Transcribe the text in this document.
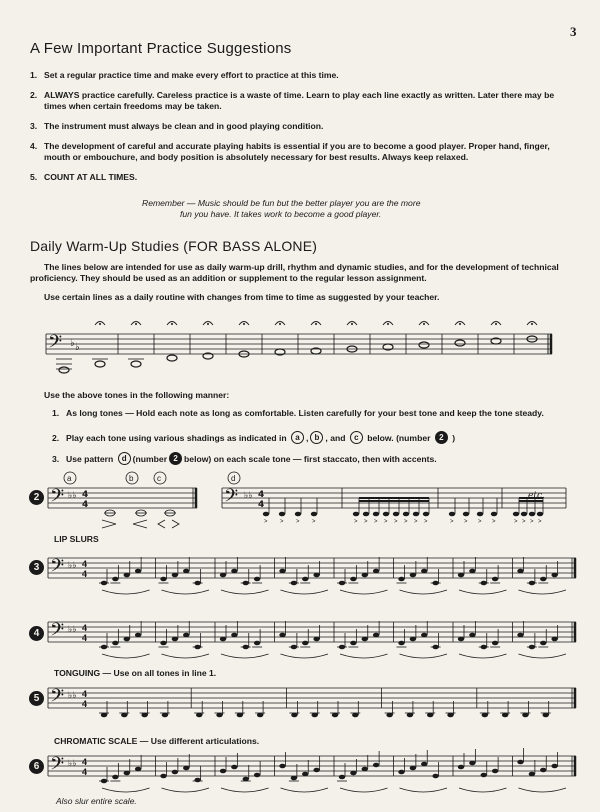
3
A Few Important Practice Suggestions
1. Set a regular practice time and make every effort to practice at this time.
2. ALWAYS practice carefully. Careless practice is a waste of time. Learn to play each line exactly as written. Later there may be times when certain freedoms may be taken.
3. The instrument must always be clean and in good playing condition.
4. The development of careful and accurate playing habits is essential if you are to become a good player. Proper hand, finger, mouth or embouchure, and body position is absolutely necessary for best results. Always keep relaxed.
5. COUNT AT ALL TIMES.
Remember — Music should be fun but the better player you are the more
fun you have. It takes work to become a good player.
Daily Warm-Up Studies (FOR BASS ALONE)
The lines below are intended for use as daily warm-up drill, rhythm and dynamic studies, and for the development of technical proficiency. They should be used as an addition or supplement to the regular lesson assignment.
Use certain lines as a daily routine with changes from time to time as suggested by your teacher.
𝄢 ♭ ♭
Use the above tones in the following manner:
1. As long tones — Hold each note as long as comfortable. Listen carefully for your best tone and keep the tone steady.
2. Play each tone using various shadings as indicated in
	a , b , and
	c
	below. (number
	2
	)
3. Use pattern
	d (number 2 below) on each scale tone — first staccato, then with accents.
2 𝄢	𝄢
♭♭	♭♭
4
4
4
4
a	b	c	d
etc.
> > > >	> > > > > > > >	> > > >	> > > >
LIP SLURS
3 𝄢 ♭♭ 4
4
4 𝄢 ♭♭ 4
4
TONGUING — Use on all tones in line 1.
5 𝄢 ♭♭ 4
4
CHROMATIC SCALE — Use different articulations.
6 𝄢 ♭♭ 4
4
Also slur entire scale.
